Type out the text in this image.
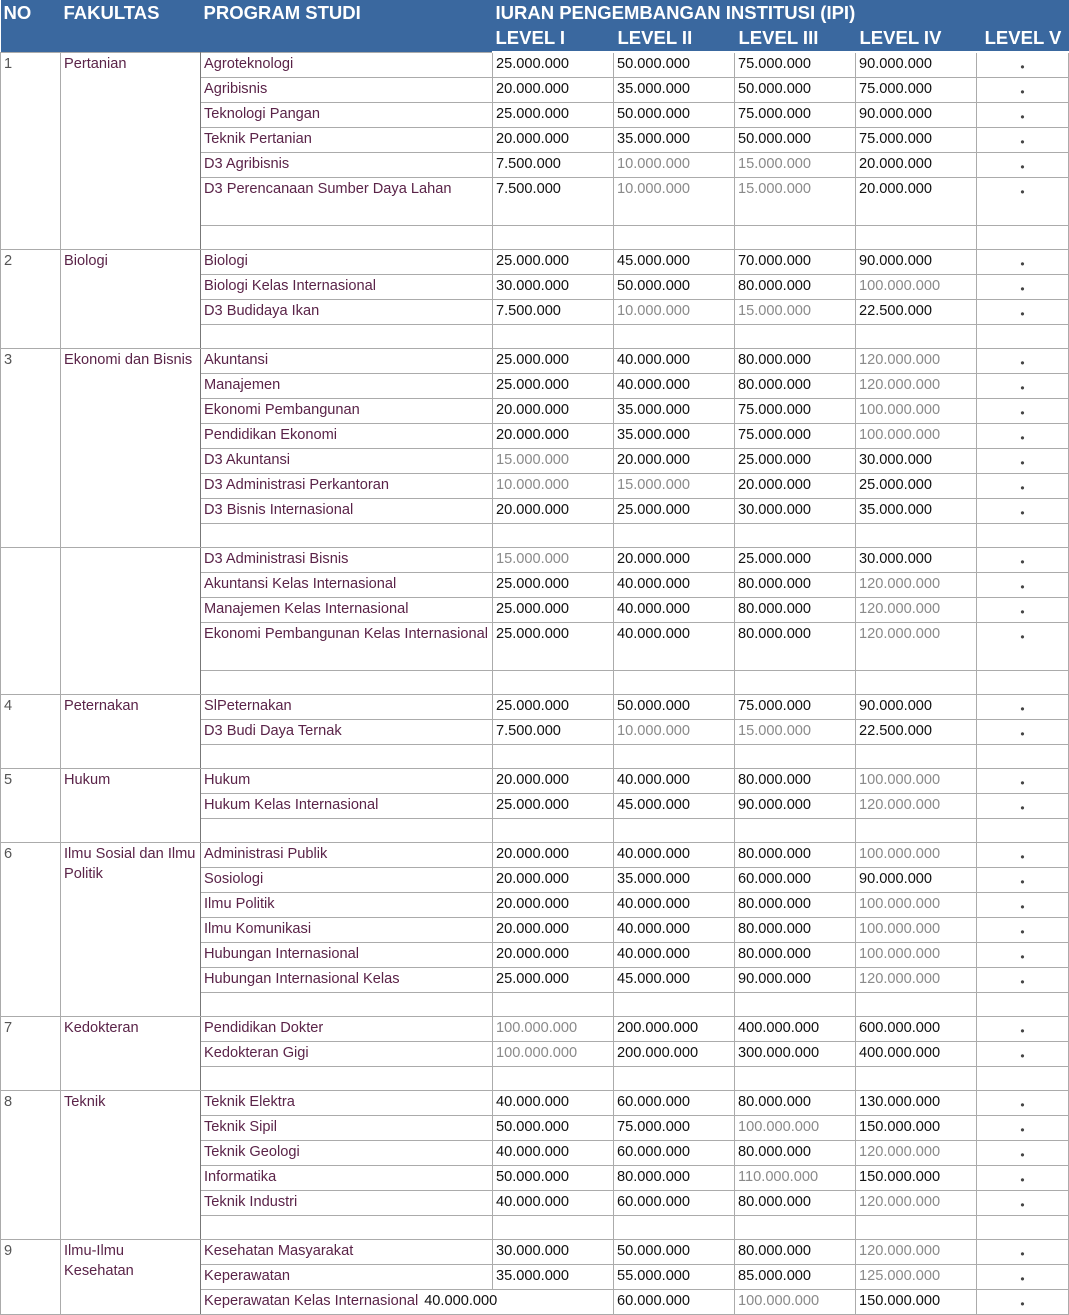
NO	FAKULTAS	PROGRAM STUDI	IURAN PENGEMBANGAN INSTITUSI (IPI)				
			LEVEL I	LEVEL II	LEVEL III	LEVEL IV	LEVEL V
1	Pertanian	Agroteknologi	25.000.000	50.000.000	75.000.000	90.000.000	•
		Agribisnis	20.000.000	35.000.000	50.000.000	75.000.000	•
		Teknologi Pangan	25.000.000	50.000.000	75.000.000	90.000.000	•
		Teknik Pertanian	20.000.000	35.000.000	50.000.000	75.000.000	•
		D3 Agribisnis	7.500.000	10.000.000	15.000.000	20.000.000	•
		D3 Perencanaan Sumber Daya Lahan	7.500.000	10.000.000	15.000.000	20.000.000	•

2	Biologi	Biologi	25.000.000	45.000.000	70.000.000	90.000.000	•
		Biologi Kelas Internasional	30.000.000	50.000.000	80.000.000	100.000.000	•
		D3 Budidaya Ikan	7.500.000	10.000.000	15.000.000	22.500.000	•

3	Ekonomi dan Bisnis	Akuntansi	25.000.000	40.000.000	80.000.000	120.000.000	•
		Manajemen	25.000.000	40.000.000	80.000.000	120.000.000	•
		Ekonomi Pembangunan	20.000.000	35.000.000	75.000.000	100.000.000	•
		Pendidikan Ekonomi	20.000.000	35.000.000	75.000.000	100.000.000	•
		D3 Akuntansi	15.000.000	20.000.000	25.000.000	30.000.000	•
		D3 Administrasi Perkantoran	10.000.000	15.000.000	20.000.000	25.000.000	•
		D3 Bisnis Internasional	20.000.000	25.000.000	30.000.000	35.000.000	•

		D3 Administrasi Bisnis	15.000.000	20.000.000	25.000.000	30.000.000	•
		Akuntansi Kelas Internasional	25.000.000	40.000.000	80.000.000	120.000.000	•
		Manajemen Kelas Internasional	25.000.000	40.000.000	80.000.000	120.000.000	•
		Ekonomi Pembangunan Kelas Internasional	25.000.000	40.000.000	80.000.000	120.000.000	•

4	Peternakan	SlPeternakan	25.000.000	50.000.000	75.000.000	90.000.000	•
		D3 Budi Daya Ternak	7.500.000	10.000.000	15.000.000	22.500.000	•

5	Hukum	Hukum	20.000.000	40.000.000	80.000.000	100.000.000	•
		Hukum Kelas Internasional	25.000.000	45.000.000	90.000.000	120.000.000	•

6	Ilmu Sosial dan Ilmu Politik	Administrasi Publik	20.000.000	40.000.000	80.000.000	100.000.000	•
		Sosiologi	20.000.000	35.000.000	60.000.000	90.000.000	•
		Ilmu Politik	20.000.000	40.000.000	80.000.000	100.000.000	•
		Ilmu Komunikasi	20.000.000	40.000.000	80.000.000	100.000.000	•
		Hubungan Internasional	20.000.000	40.000.000	80.000.000	100.000.000	•
		Hubungan Internasional Kelas	25.000.000	45.000.000	90.000.000	120.000.000	•

7	Kedokteran	Pendidikan Dokter	100.000.000	200.000.000	400.000.000	600.000.000	•
		Kedokteran Gigi	100.000.000	200.000.000	300.000.000	400.000.000	•

8	Teknik	Teknik Elektra	40.000.000	60.000.000	80.000.000	130.000.000	•
		Teknik Sipil	50.000.000	75.000.000	100.000.000	150.000.000	•
		Teknik Geologi	40.000.000	60.000.000	80.000.000	120.000.000	•
		Informatika	50.000.000	80.000.000	110.000.000	150.000.000	•
		Teknik Industri	40.000.000	60.000.000	80.000.000	120.000.000	•

9	Ilmu-Ilmu Kesehatan	Kesehatan Masyarakat	30.000.000	50.000.000	80.000.000	120.000.000	•
		Keperawatan	35.000.000	55.000.000	85.000.000	125.000.000	•
		Keperawatan Kelas Internasional 40.000.000		60.000.000	100.000.000	150.000.000	•
